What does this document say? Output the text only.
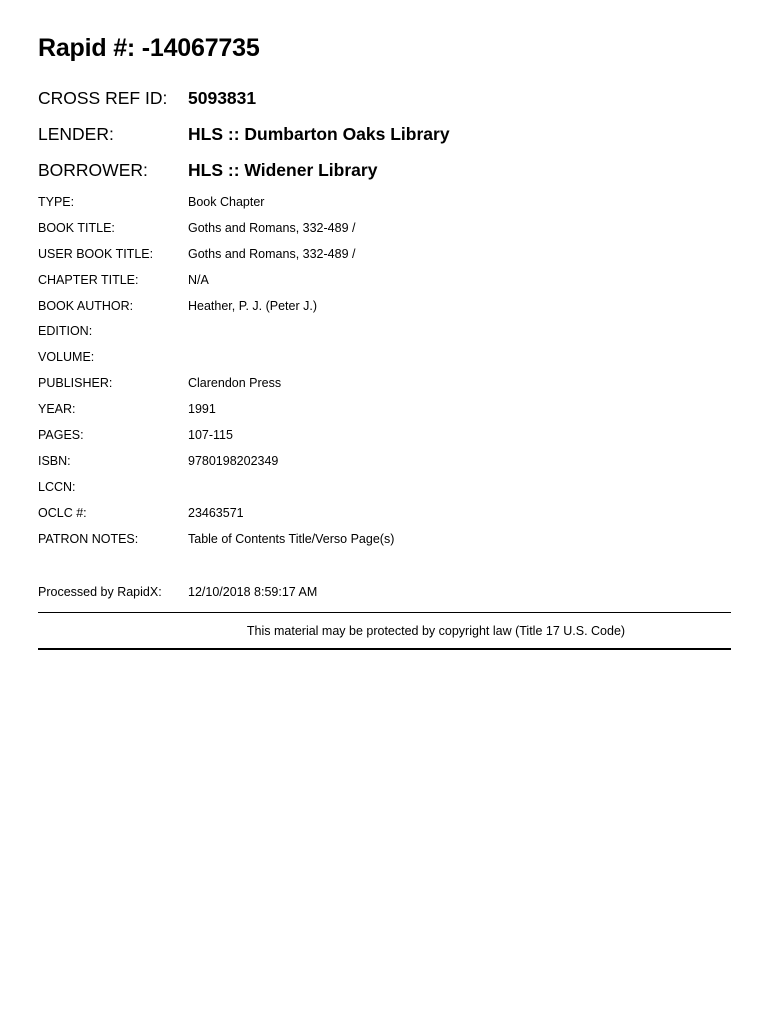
Rapid #: -14067735
CROSS REF ID: 5093831
LENDER:	HLS :: Dumbarton Oaks Library
BORROWER: HLS :: Widener Library
TYPE:	Book Chapter
BOOK TITLE:	Goths and Romans, 332-489 /
USER BOOK TITLE:	Goths and Romans, 332-489 /
CHAPTER TITLE:	N/A
BOOK AUTHOR:	Heather, P. J. (Peter J.)
EDITION:
VOLUME:
PUBLISHER:	Clarendon Press
YEAR:	1991
PAGES:	107-115
ISBN:	9780198202349
LCCN:
OCLC #:	23463571
PATRON NOTES:	Table of Contents Title/Verso Page(s)
Processed by RapidX: 12/10/2018 8:59:17 AM
This material may be protected by copyright law (Title 17 U.S. Code)
